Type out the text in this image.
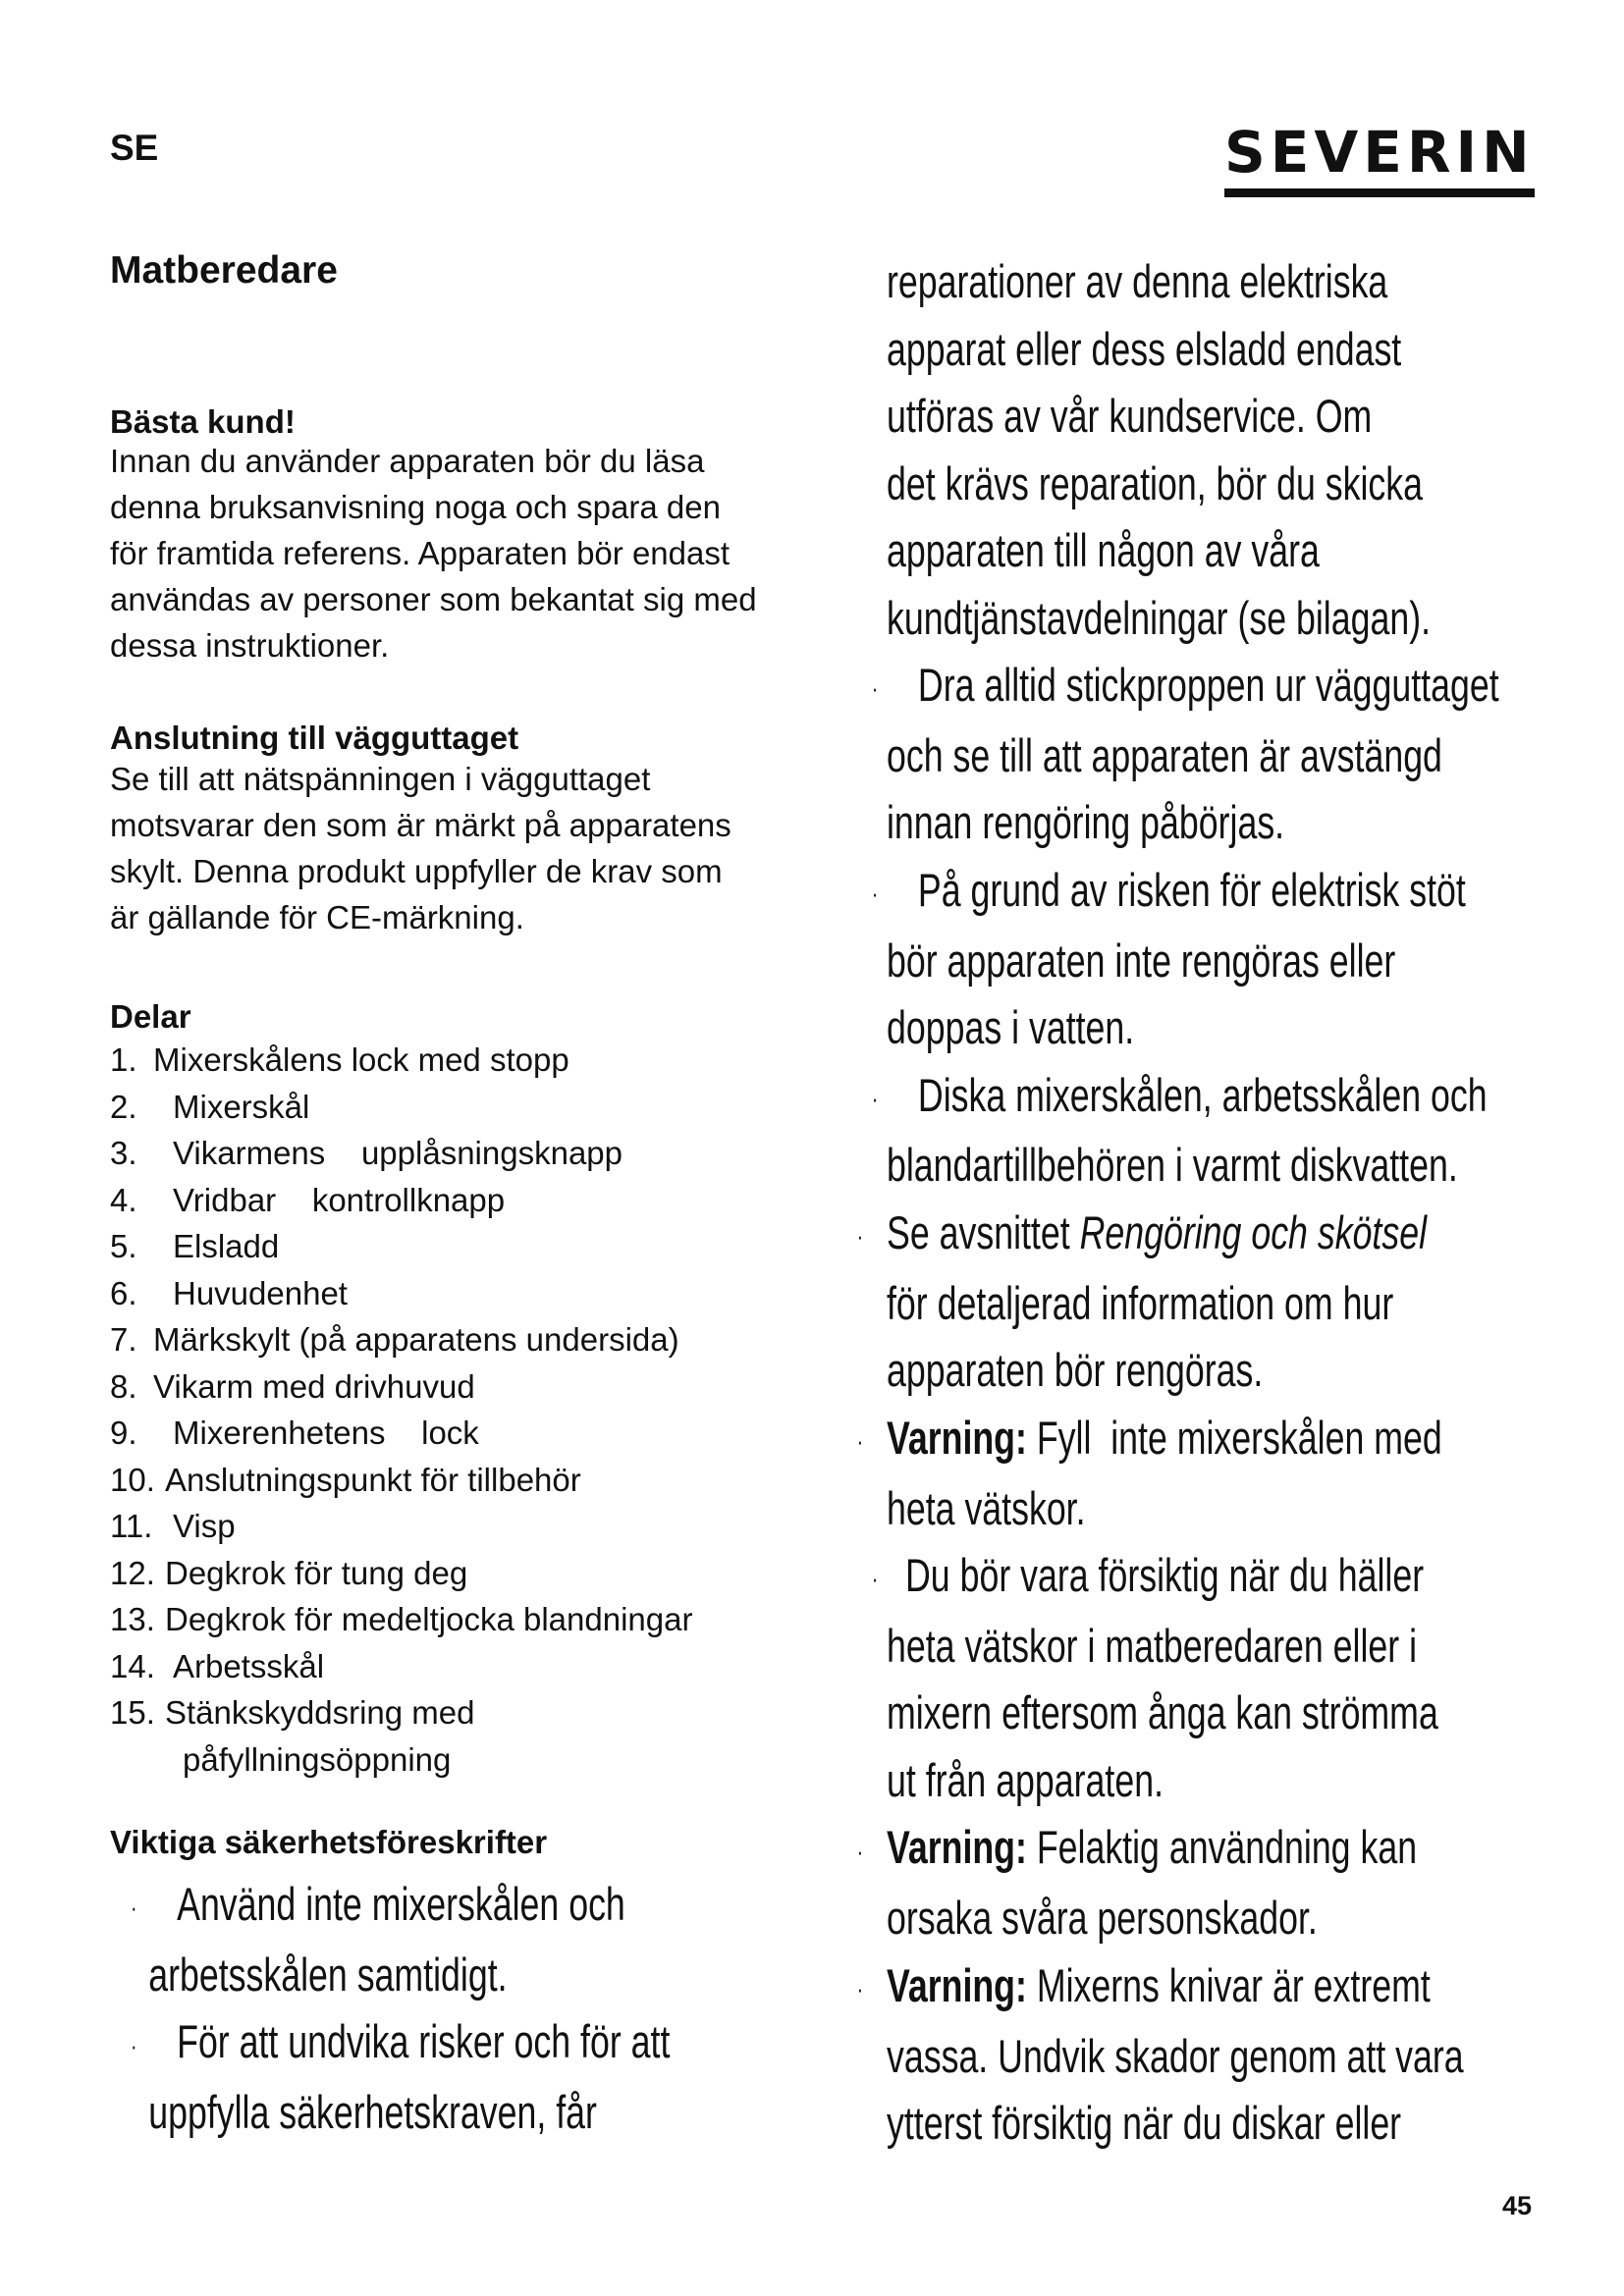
SE	SEVERIN
Matberedare
Bästa kund!
Innan du använder apparaten bör du läsa
denna bruksanvisning noga och spara den
för framtida referens. Apparaten bör endast
användas av personer som bekantat sig med
dessa instruktioner.
Anslutning till vägguttaget
Se till att nätspänningen i vägguttaget
motsvarar den som är märkt på apparatens
skylt. Denna produkt uppfyller de krav som
är gällande för CE-märkning.
Delar
1. Mixerskålens lock med stopp
2.	Mixerskål
3.	Vikarmens    upplåsningsknapp
4.	Vridbar    kontrollknapp
5.	Elsladd
6.	Huvudenhet
7. Märkskylt (på apparatens undersida)
8. Vikarm med drivhuvud
9.	Mixerenhetens    lock
10. Anslutningspunkt för tillbehör
11. Visp
12. Degkrok för tung deg
13. Degkrok för medeltjocka blandningar
14. Arbetsskål
15. Stänkskyddsring med
påfyllningsöppning
Viktiga säkerhetsföreskrifter
· Använd inte mixerskålen och
arbetsskålen samtidigt.
· För att undvika risker och för att
uppfylla säkerhetskraven, får
reparationer av denna elektriska
apparat eller dess elsladd endast
utföras av vår kundservice. Om
det krävs reparation, bör du skicka
apparaten till någon av våra
kundtjänstavdelningar (se bilagan).
· Dra alltid stickproppen ur vägguttaget
och se till att apparaten är avstängd
innan rengöring påbörjas.
· På grund av risken för elektrisk stöt
bör apparaten inte rengöras eller
doppas i vatten.
· Diska mixerskålen, arbetsskålen och
blandartillbehören i varmt diskvatten.
· Se avsnittet Rengöring och skötsel
för detaljerad information om hur
apparaten bör rengöras.
· Varning: Fyll  inte mixerskålen med
heta vätskor.
· Du bör vara försiktig när du häller
heta vätskor i matberedaren eller i
mixern eftersom ånga kan strömma
ut från apparaten.
· Varning: Felaktig användning kan
orsaka svåra personskador.
· Varning: Mixerns knivar är extremt
vassa. Undvik skador genom att vara
ytterst försiktig när du diskar eller
45
